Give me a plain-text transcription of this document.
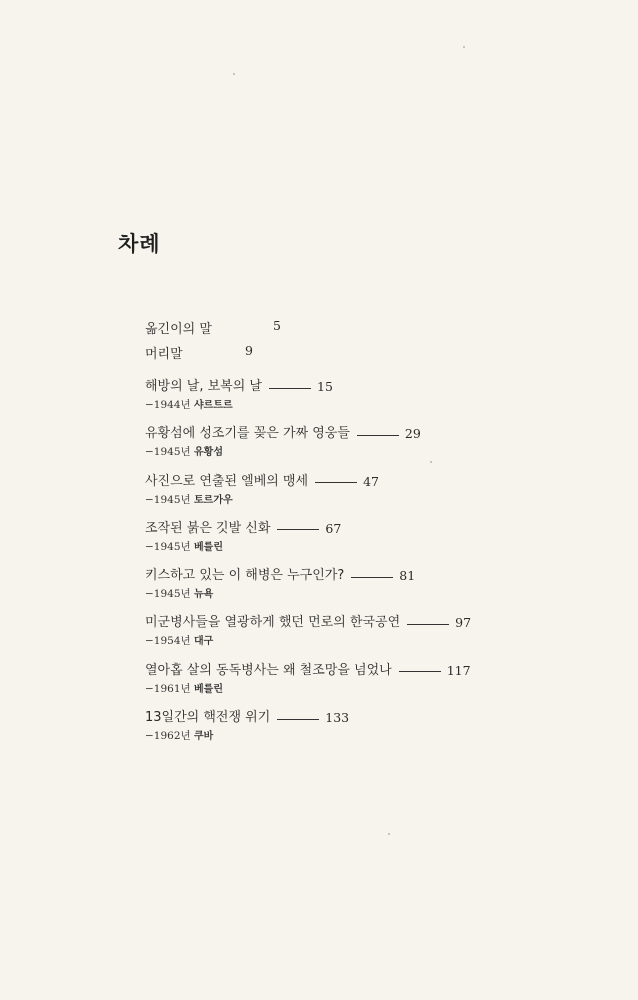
차례
옮긴이의 말	5
머리말	9
해방의 날, 보복의 날	15
−1944년 샤르트르
유황섬에 성조기를 꽂은 가짜 영웅들	29
−1945년 유황섬
사진으로 연출된 엘베의 맹세	47
−1945년 토르가우
조작된 붉은 깃발 신화	67
−1945년 베를린
키스하고 있는 이 해병은 누구인가?	81
−1945년 뉴욕
미군병사들을 열광하게 했던 먼로의 한국공연	97
−1954년 대구
열아홉 살의 동독병사는 왜 철조망을 넘었나	117
−1961년 베를린
13일간의 핵전쟁 위기	133
−1962년 쿠바
